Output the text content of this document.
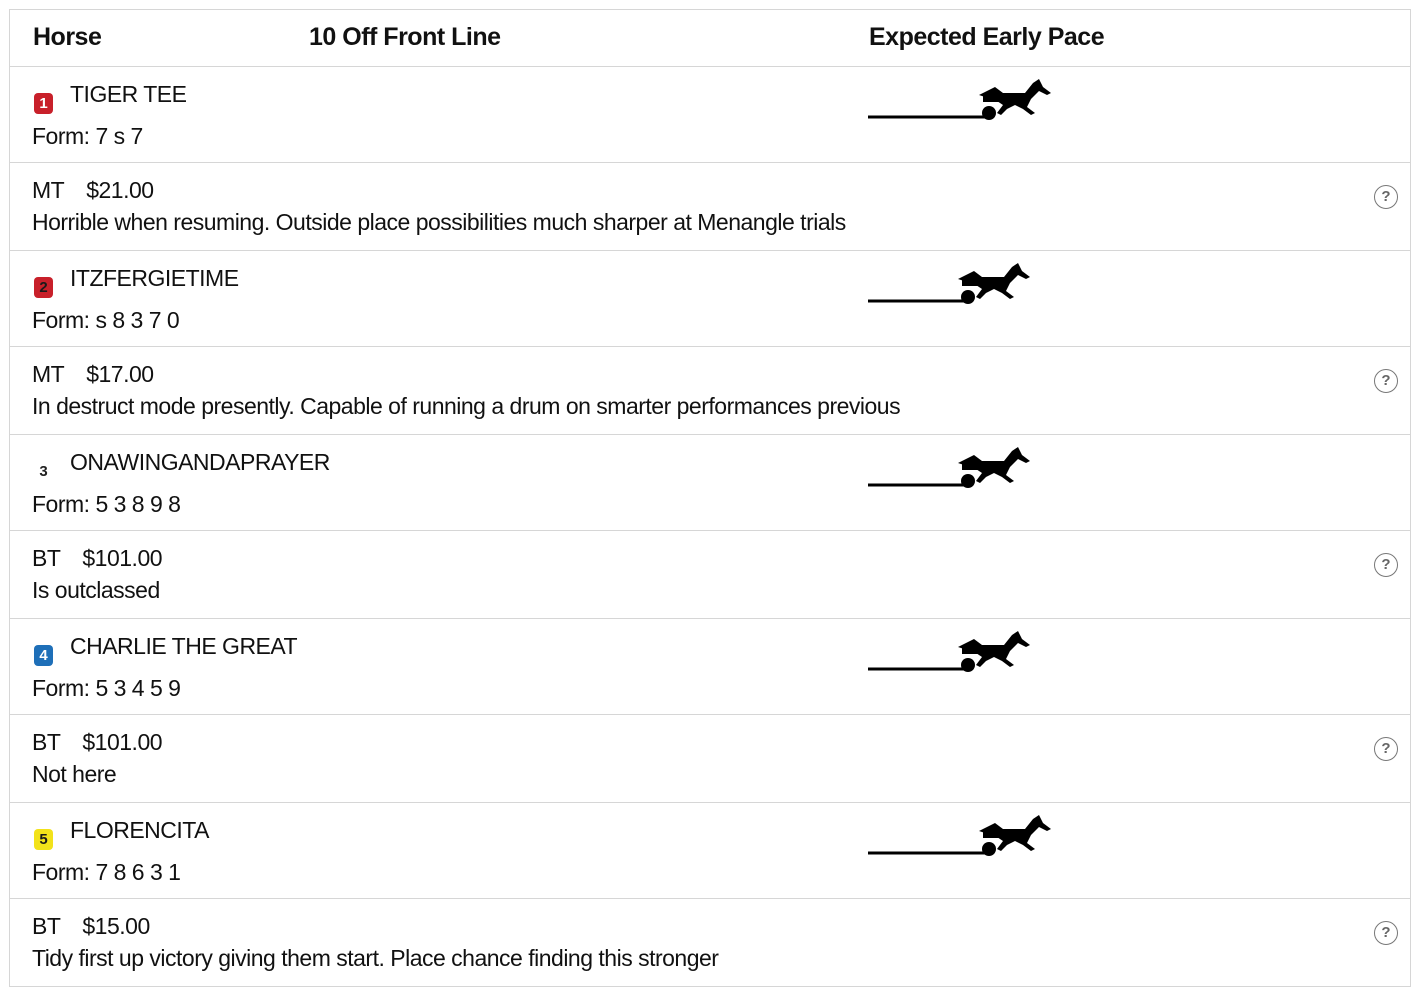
Horse	10 Off Front Line	Expected Early Pace
1 TIGER TEE
Form: 7 s 7
MT $21.00
Horrible when resuming. Outside place possibilities much sharper at Menangle trials
?
2 ITZFERGIETIME
Form: s 8 3 7 0
MT $17.00
In destruct mode presently. Capable of running a drum on smarter performances previous
?
3 ONAWINGANDAPRAYER
Form: 5 3 8 9 8
BT $101.00
Is outclassed
?
4 CHARLIE THE GREAT
Form: 5 3 4 5 9
BT $101.00
Not here
?
5 FLORENCITA
Form: 7 8 6 3 1
BT $15.00
Tidy first up victory giving them start. Place chance finding this stronger
?
